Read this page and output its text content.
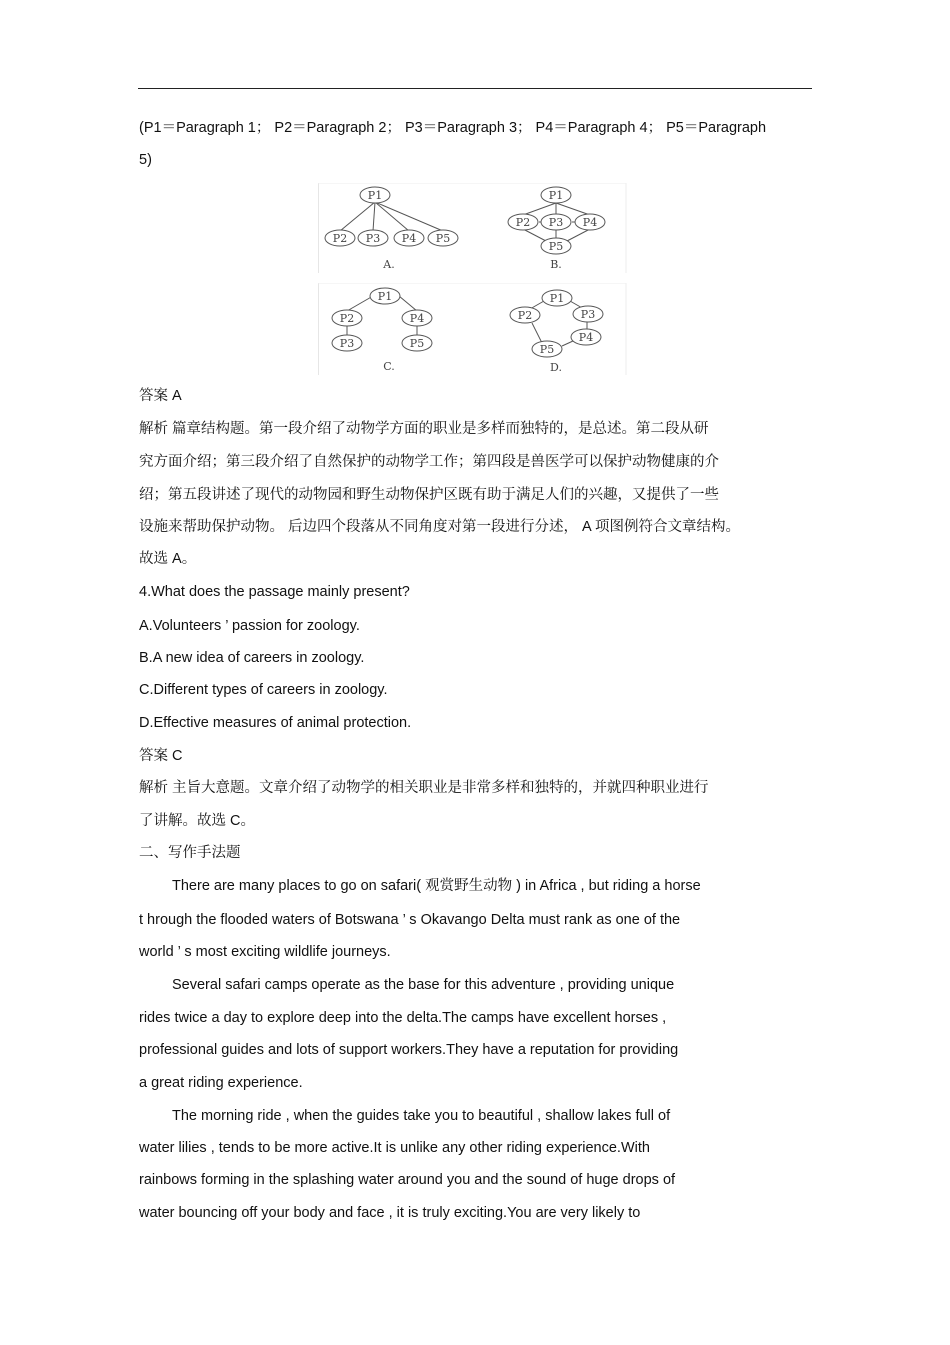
(P1＝Paragraph 1； P2＝Paragraph 2； P3＝Paragraph 3； P4＝Paragraph 4； P5＝Paragraph
5)
P1
P2 P3 P4 P5
A.
P1
P2 P3 P4
P5
B.
P1
P2
P3
P4
P5
C.
P1
P2	P3
P4
P5
D.
答案 A
解析 篇章结构题。第一段介绍了动物学方面的职业是多样而独特的，是总述。第二段从研
究方面介绍；第三段介绍了自然保护的动物学工作；第四段是兽医学可以保护动物健康的介
绍；第五段讲述了现代的动物园和野生动物保护区既有助于满足人们的兴趣，又提供了一些
设施来帮助保护动物。 后边四个段落从不同角度对第一段进行分述， A 项图例符合文章结构。
故选 A。
4.What does the passage mainly present?
A.Volunteers ’ passion for zoology.
B.A new idea of careers in zoology.
C.Different types of careers in zoology.
D.Effective measures of animal protection.
答案 C
解析 主旨大意题。文章介绍了动物学的相关职业是非常多样和独特的，并就四种职业进行
了讲解。故选 C。
二、写作手法题
There are many places to go on safari( 观赏野生动物 ) in Africa , but riding a horse
t hrough the flooded waters of Botswana ’ s Okavango Delta must rank as one of the
world ’ s most exciting wildlife journeys.
Several safari camps operate as the base for this adventure , providing unique
rides twice a day to explore deep into the delta.The camps have excellent horses ,
professional guides and lots of support workers.They have a reputation for providing
a great riding experience.
The morning ride , when the guides take you to beautiful , shallow lakes full of
water lilies , tends to be more active.It is unlike any other riding experience.With
rainbows forming in the splashing water around you and the sound of huge drops of
water bouncing off your body and face , it is truly exciting.You are very likely to
